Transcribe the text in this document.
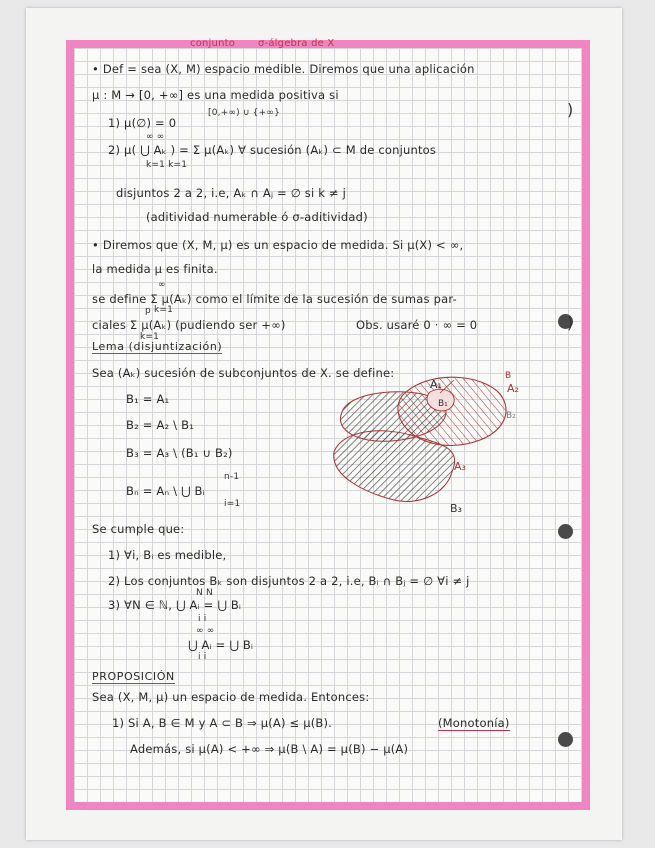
)
)
conjunto σ-álgebra de X
• Def = sea (X, M) espacio medible. Diremos que una aplicación
μ : M → [0, +∞] es una medida positiva si
[0,+∞) ∪ {+∞}
1) μ(∅) = 0
∞ ∞
2) μ( ⋃ Aₖ ) = Σ μ(Aₖ) ∀ sucesión (Aₖ) ⊂ M de conjuntos
k=1 k=1
disjuntos 2 a 2, i.e, Aₖ ∩ Aⱼ = ∅ si k ≠ j
(aditividad numerable ó σ-aditividad)
• Diremos que (X, M, μ) es un espacio de medida. Si μ(X) < ∞,
la medida μ es finita.
∞
se define Σ μ(Aₖ) como el límite de la sucesión de sumas par-
k=1
p
ciales Σ μ(Aₖ) (pudiendo ser +∞)
k=1
Obs. usaré 0 · ∞ = 0
Lema (disjuntización)
Sea (Aₖ) sucesión de subconjuntos de X. se define:
B₁ = A₁
B₂ = A₂ \ B₁
B₃ = A₃ \ (B₁ ∪ B₂)
n-1
Bₙ = Aₙ \ ⋃ Bᵢ
i=1
A₁
B₁
B
A₂
B₂
A₃
B₃
Se cumple que:
1) ∀i, Bᵢ es medible,
2) Los conjuntos Bₖ son disjuntos 2 a 2, i.e, Bᵢ ∩ Bⱼ = ∅ ∀i ≠ j
N N
3) ∀N ∈ ℕ, ⋃ Aᵢ = ⋃ Bᵢ
i i
∞ ∞
⋃ Aᵢ = ⋃ Bᵢ
i i
PROPOSICIÓN
Sea (X, M, μ) un espacio de medida. Entonces:
1) Si A, B ∈ M y A ⊂ B ⇒ μ(A) ≤ μ(B).	(Monotonía)
Además, si μ(A) < +∞ ⇒ μ(B \ A) = μ(B) − μ(A)
